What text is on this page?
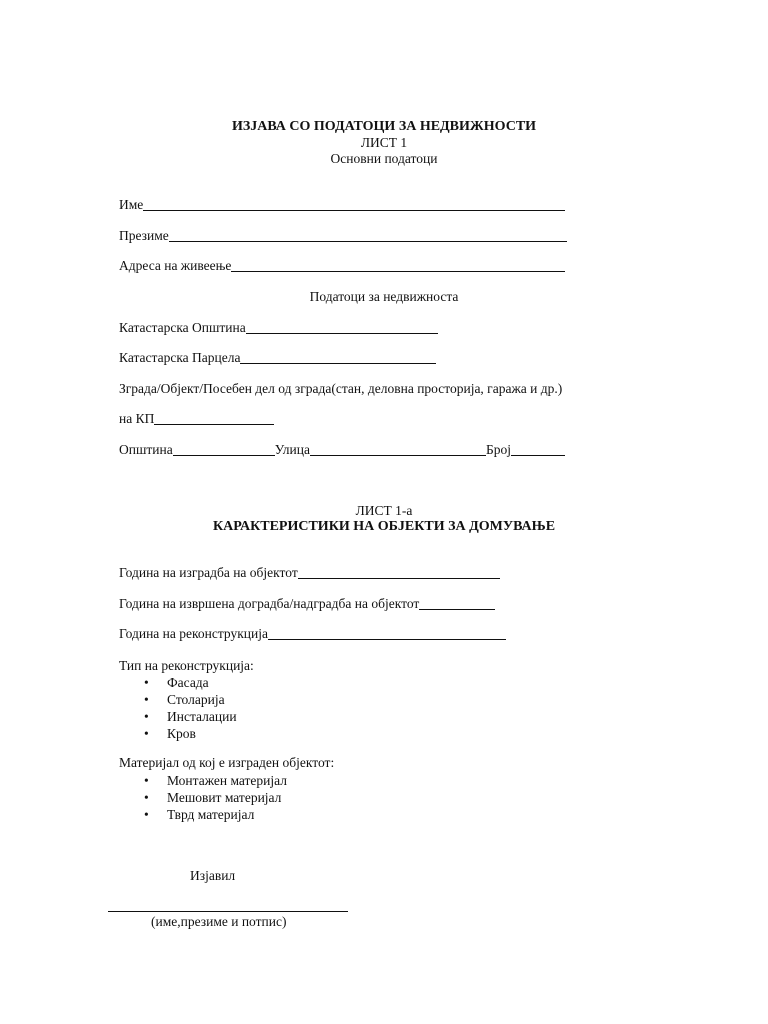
ИЗЈАВА СО ПОДАТОЦИ ЗА НЕДВИЖНОСТИ
ЛИСТ 1
Основни податоци
Име
Презиме
Адреса на живеење
Податоци за недвижноста
Катастарска Општина
Катастарска Парцела
Зграда/Објект/Посебен дел од зграда(стан, деловна просторија, гаража и др.)
на КП
Општина	Улица	Број
ЛИСТ 1-а
КАРАКТЕРИСТИКИ НА ОБЈЕКТИ ЗА ДОМУВАЊЕ
Година на изградба на објектот
Година на извршена доградба/надградба на објектот
Година на реконструкција
Тип на реконструкција:
• Фасада
• Столарија
• Инсталации
• Кров
Материјал од кој е изграден објектот:
• Монтажен материјал
• Мешовит материјал
• Тврд материјал
Изјавил
(име,презиме и потпис)
